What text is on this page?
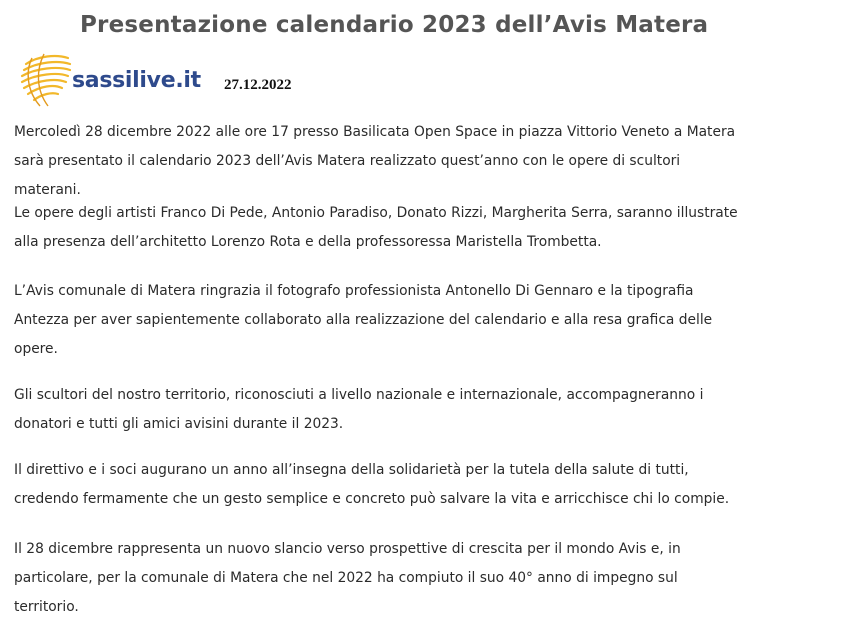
Presentazione calendario 2023 dell’Avis Matera
sassilive.it 27.12.2022
Mercoledì 28 dicembre 2022 alle ore 17 presso Basilicata Open Space in piazza Vittorio Veneto a Matera
sarà presentato il calendario 2023 dell’Avis Matera realizzato quest’anno con le opere di scultori
materani.
Le opere degli artisti Franco Di Pede, Antonio Paradiso, Donato Rizzi, Margherita Serra, saranno illustrate
alla presenza dell’architetto Lorenzo Rota e della professoressa Maristella Trombetta.
L’Avis comunale di Matera ringrazia il fotografo professionista Antonello Di Gennaro e la tipografia
Antezza per aver sapientemente collaborato alla realizzazione del calendario e alla resa grafica delle
opere.
Gli scultori del nostro territorio, riconosciuti a livello nazionale e internazionale, accompagneranno i
donatori e tutti gli amici avisini durante il 2023.
Il direttivo e i soci augurano un anno all’insegna della solidarietà per la tutela della salute di tutti,
credendo fermamente che un gesto semplice e concreto può salvare la vita e arricchisce chi lo compie.
Il 28 dicembre rappresenta un nuovo slancio verso prospettive di crescita per il mondo Avis e, in
particolare, per la comunale di Matera che nel 2022 ha compiuto il suo 40° anno di impegno sul
territorio.
